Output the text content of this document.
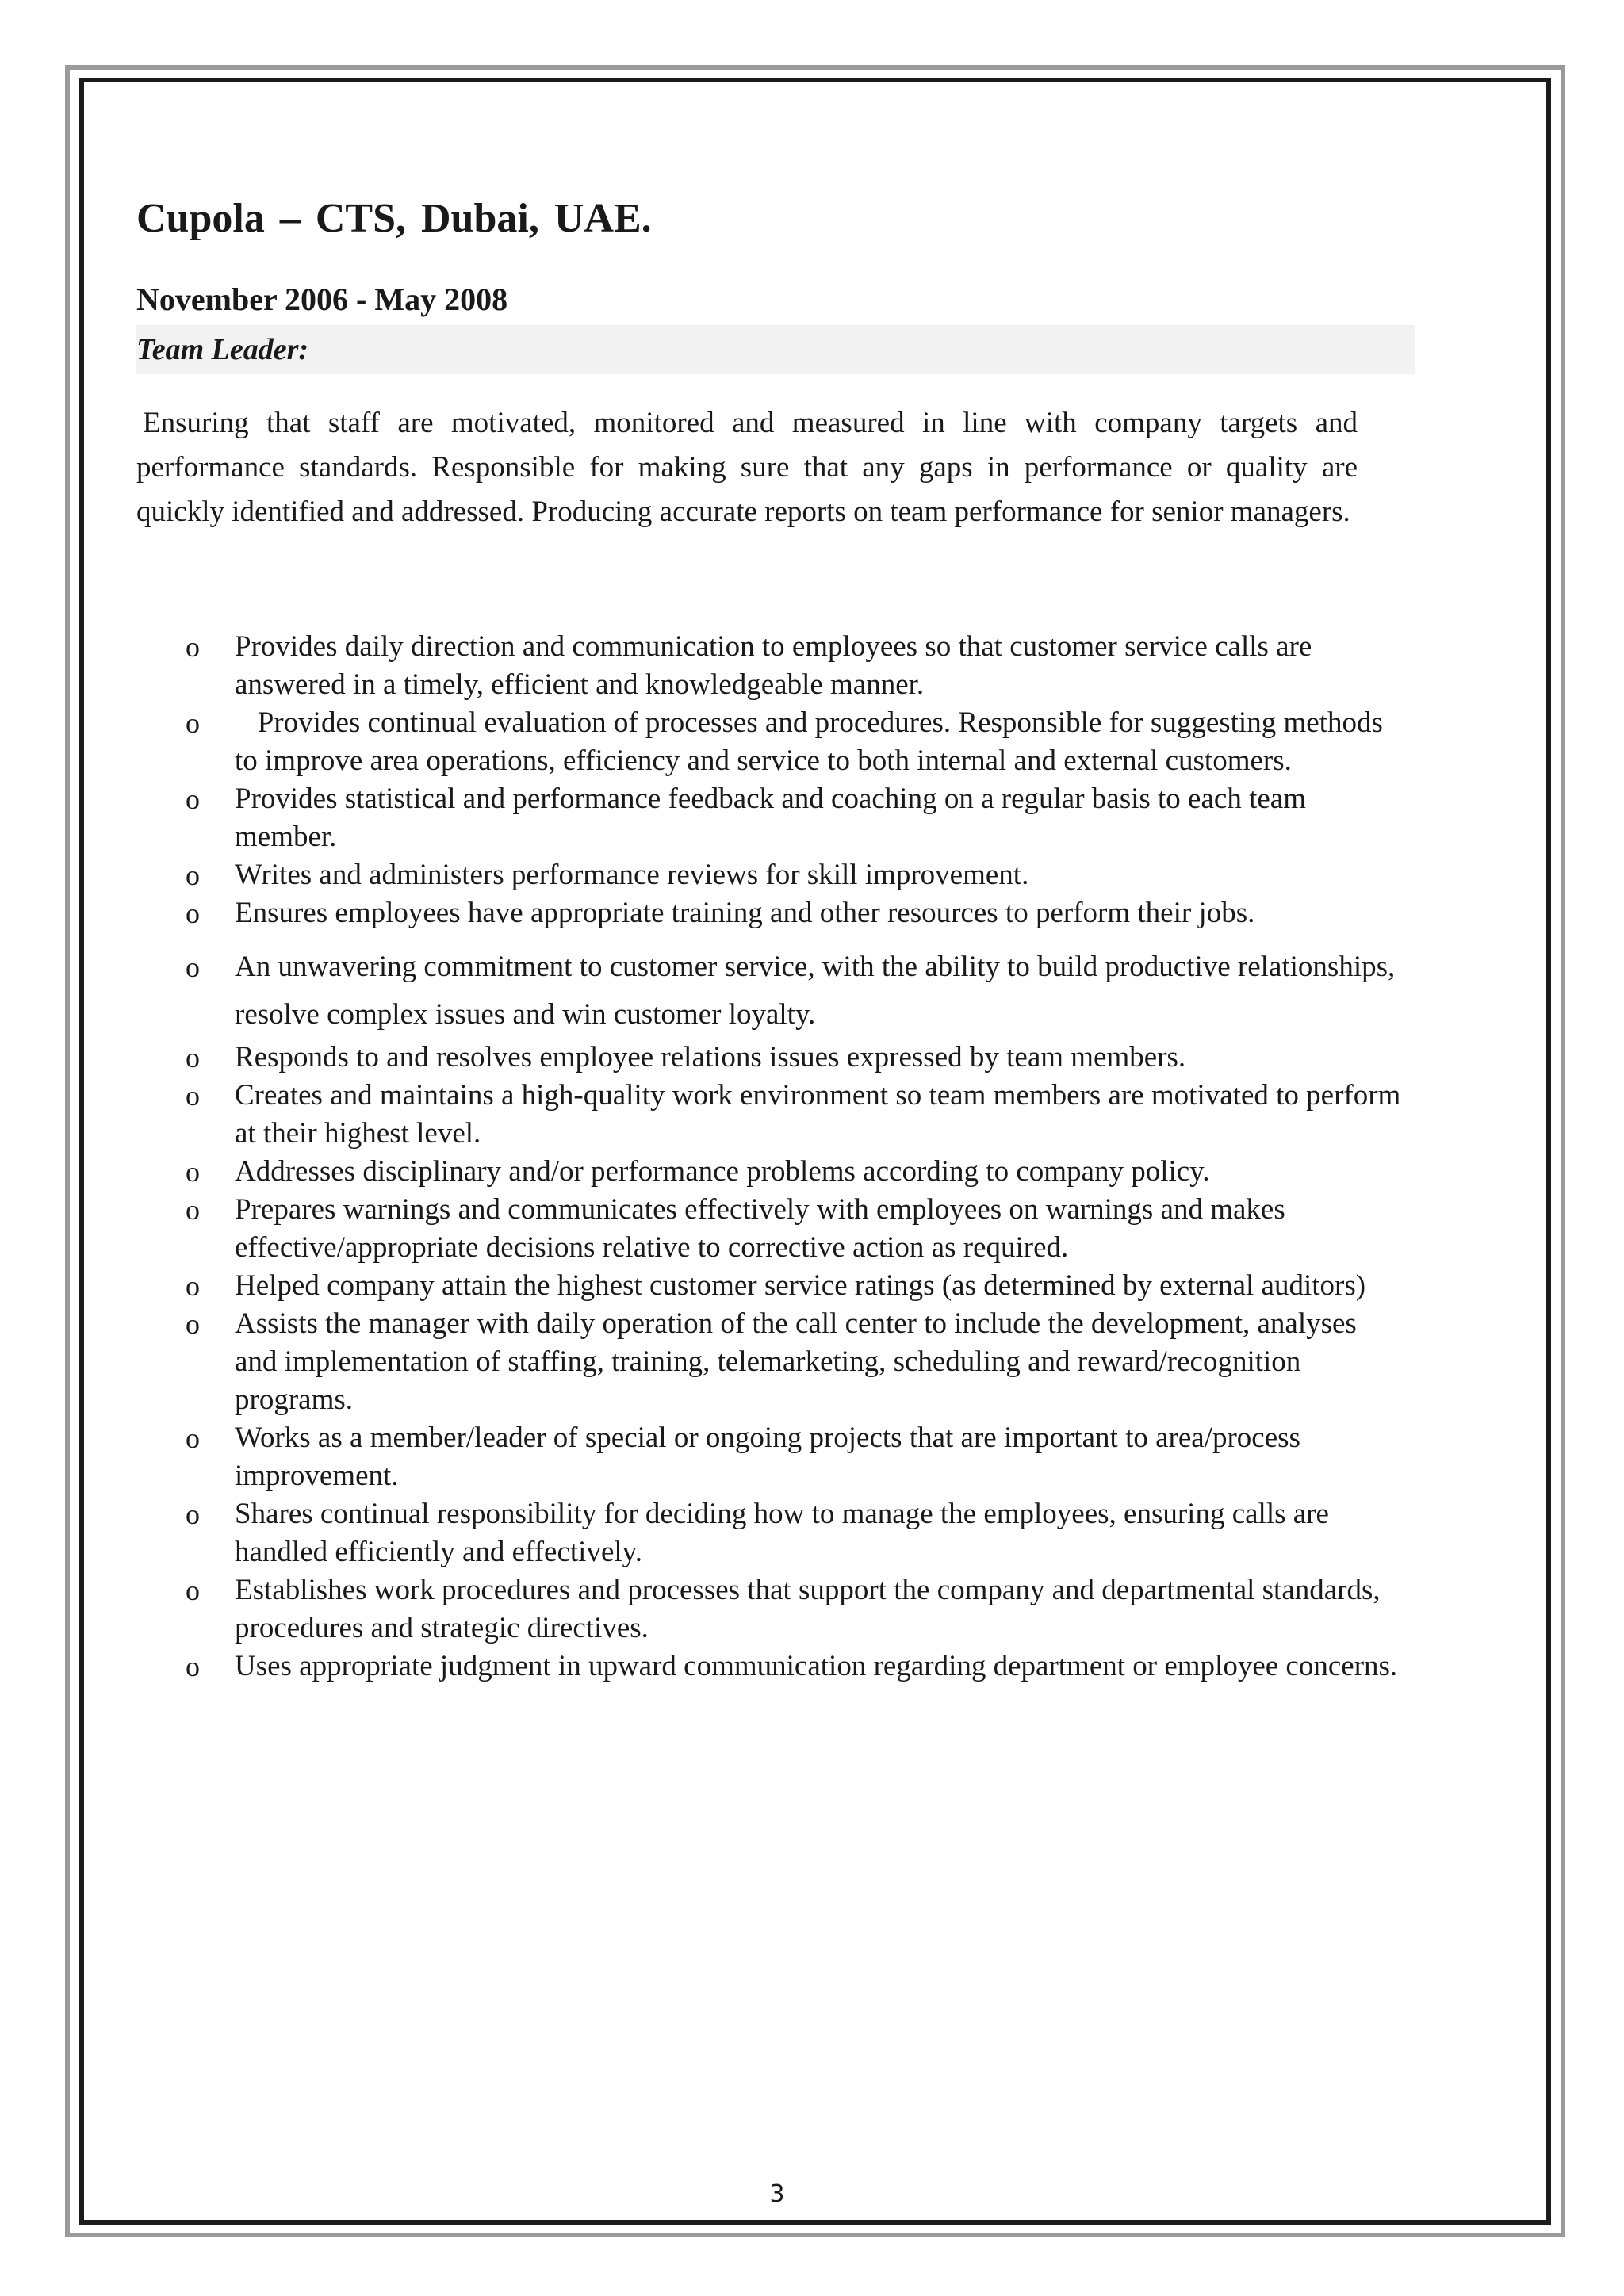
Cupola – CTS, Dubai, UAE.
November 2006 - May 2008
Team Leader:

Ensuring that staff are motivated, monitored and measured in line with company targets and performance standards. Responsible for making sure that any gaps in performance or quality are quickly identified and addressed. Producing accurate reports on team performance for senior managers.

o Provides daily direction and communication to employees so that customer service calls are answered in a timely, efficient and knowledgeable manner.
o Provides continual evaluation of processes and procedures. Responsible for suggesting methods to improve area operations, efficiency and service to both internal and external customers.
o Provides statistical and performance feedback and coaching on a regular basis to each team member.
o Writes and administers performance reviews for skill improvement.
o Ensures employees have appropriate training and other resources to perform their jobs.
o An unwavering commitment to customer service, with the ability to build productive relationships, resolve complex issues and win customer loyalty.
o Responds to and resolves employee relations issues expressed by team members.
o Creates and maintains a high-quality work environment so team members are motivated to perform at their highest level.
o Addresses disciplinary and/or performance problems according to company policy.
o Prepares warnings and communicates effectively with employees on warnings and makes effective/appropriate decisions relative to corrective action as required.
o Helped company attain the highest customer service ratings (as determined by external auditors)
o Assists the manager with daily operation of the call center to include the development, analyses and implementation of staffing, training, telemarketing, scheduling and reward/recognition programs.
o Works as a member/leader of special or ongoing projects that are important to area/process improvement.
o Shares continual responsibility for deciding how to manage the employees, ensuring calls are handled efficiently and effectively.
o Establishes work procedures and processes that support the company and departmental standards, procedures and strategic directives.
o Uses appropriate judgment in upward communication regarding department or employee concerns.
3
